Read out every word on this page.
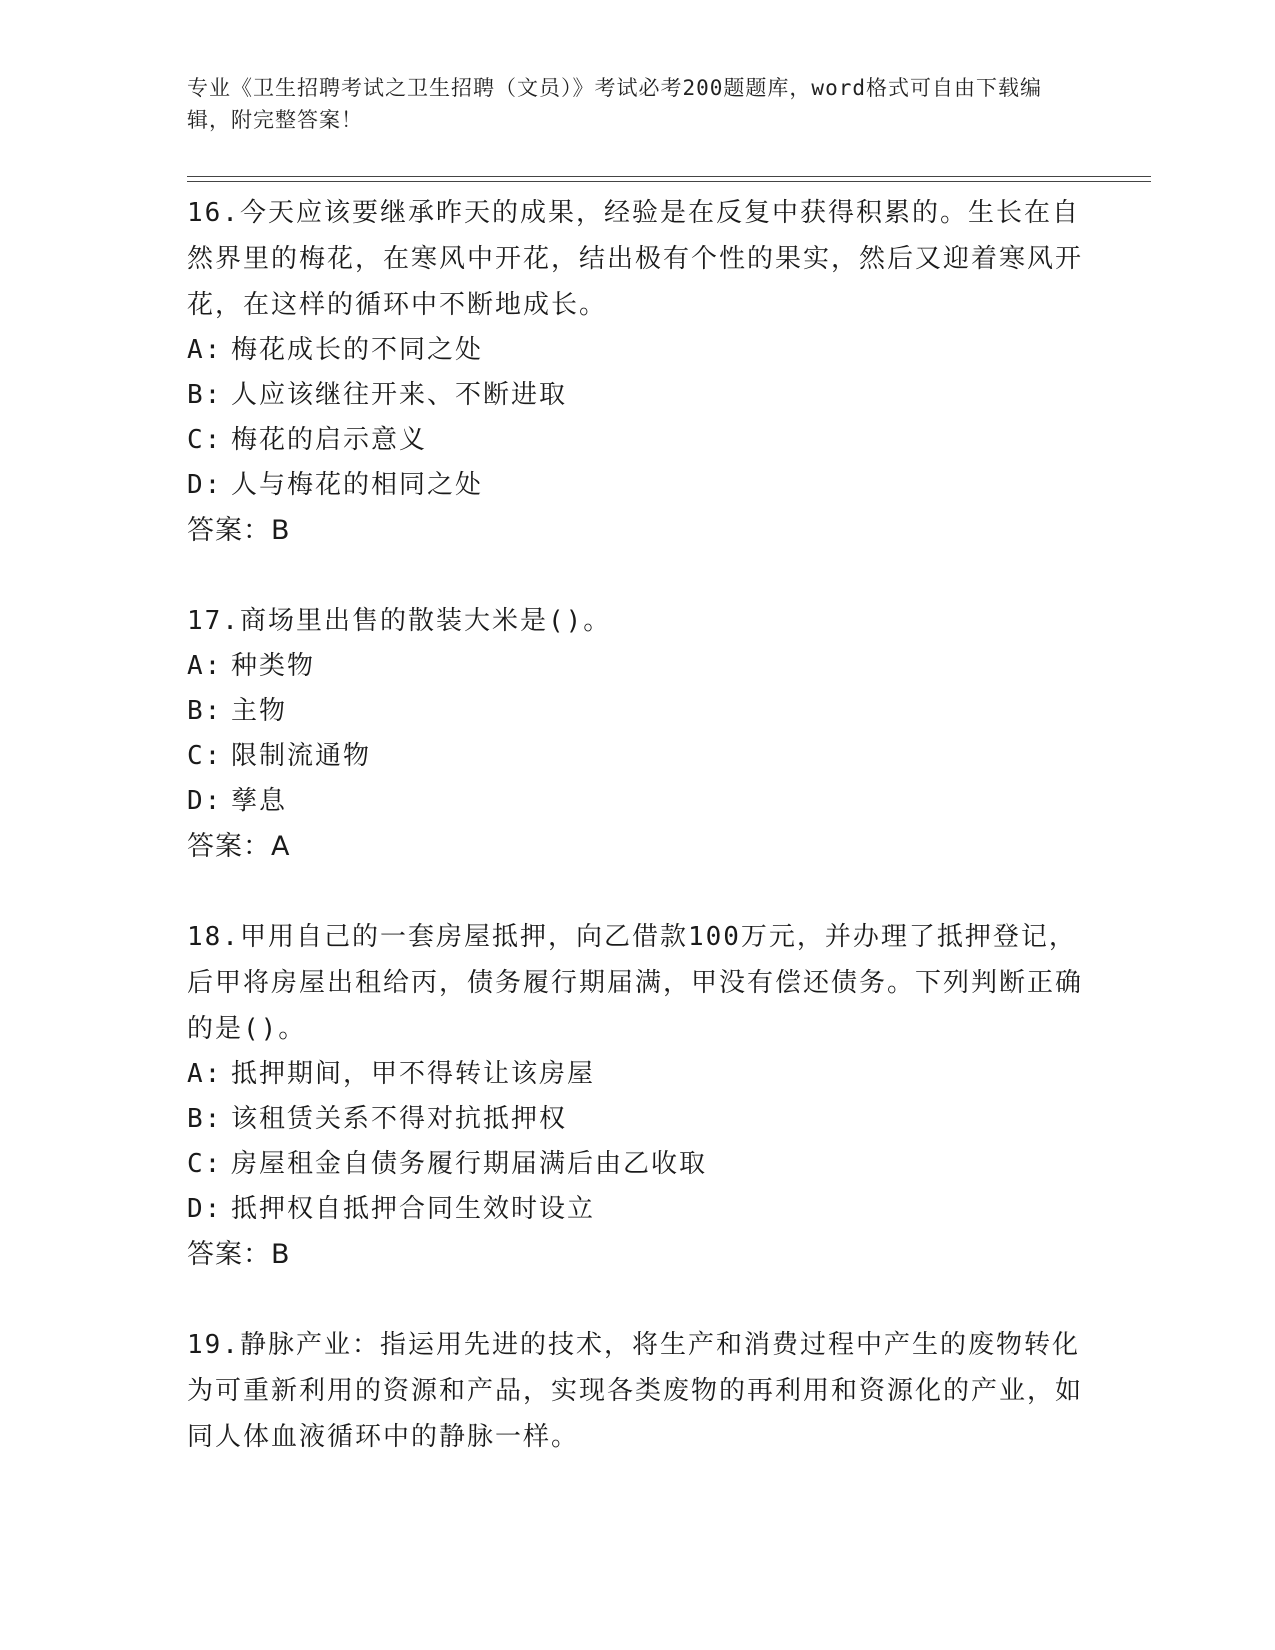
专业《卫生招聘考试之卫生招聘（文员）》考试必考200题题库，word格式可自由下载编辑，附完整答案！

16.今天应该要继承昨天的成果，经验是在反复中获得积累的。生长在自然界里的梅花，在寒风中开花，结出极有个性的果实，然后又迎着寒风开花，在这样的循环中不断地成长。

A: 梅花成长的不同之处

B: 人应该继往开来、不断进取

C: 梅花的启示意义

D: 人与梅花的相同之处

答案：B

17.商场里出售的散装大米是()。

A: 种类物

B: 主物

C: 限制流通物

D: 孳息

答案：A

18.甲用自己的一套房屋抵押，向乙借款100万元，并办理了抵押登记，后甲将房屋出租给丙，债务履行期届满，甲没有偿还债务。下列判断正确的是()。

A: 抵押期间，甲不得转让该房屋

B: 该租赁关系不得对抗抵押权

C: 房屋租金自债务履行期届满后由乙收取

D: 抵押权自抵押合同生效时设立

答案：B

19.静脉产业：指运用先进的技术，将生产和消费过程中产生的废物转化为可重新利用的资源和产品，实现各类废物的再利用和资源化的产业，如同人体血液循环中的静脉一样。
